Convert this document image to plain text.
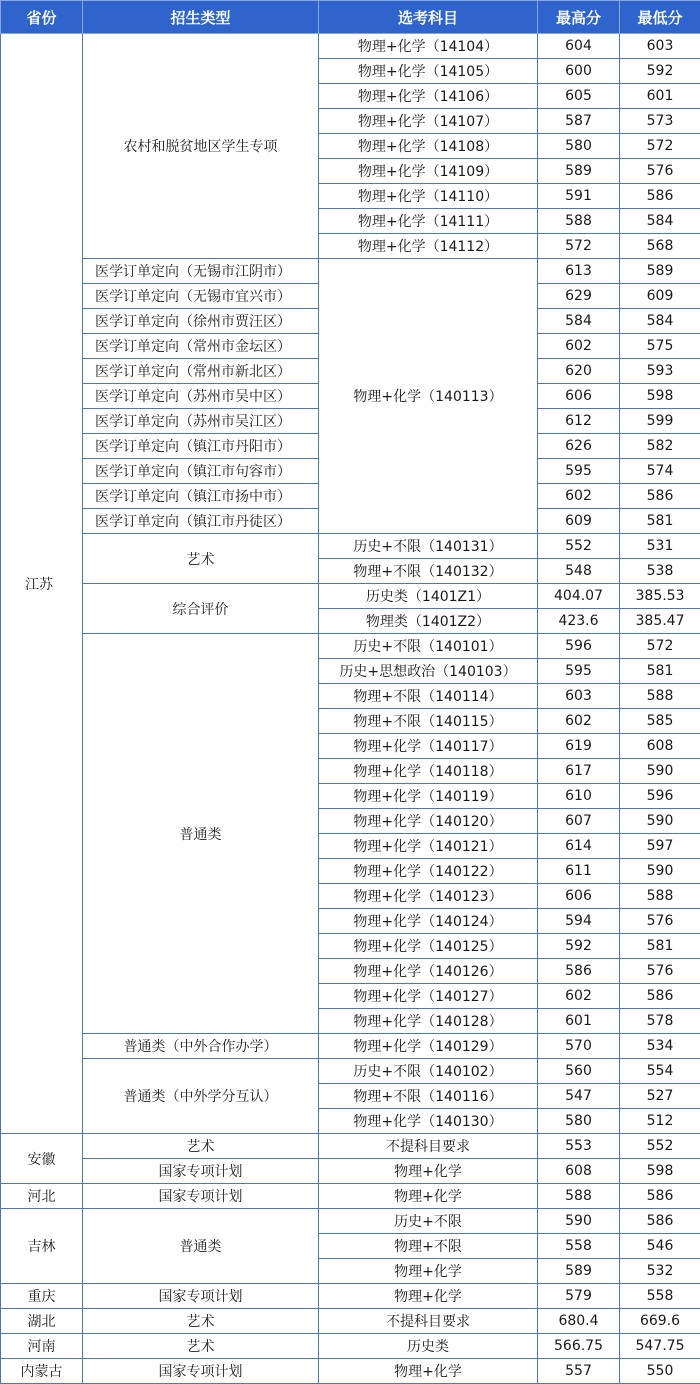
省份	招生类型	选考科目	最高分	最低分
江苏	农村和脱贫地区学生专项	物理+化学（14104）	604	603
		物理+化学（14105）	600	592
		物理+化学（14106）	605	601
		物理+化学（14107）	587	573
		物理+化学（14108）	580	572
		物理+化学（14109）	589	576
		物理+化学（14110）	591	586
		物理+化学（14111）	588	584
		物理+化学（14112）	572	568
	医学订单定向（无锡市江阴市）	物理+化学（140113）	613	589
	医学订单定向（无锡市宜兴市）		629	609
	医学订单定向（徐州市贾汪区）		584	584
	医学订单定向（常州市金坛区）		602	575
	医学订单定向（常州市新北区）		620	593
	医学订单定向（苏州市吴中区）		606	598
	医学订单定向（苏州市吴江区）		612	599
	医学订单定向（镇江市丹阳市）		626	582
	医学订单定向（镇江市句容市）		595	574
	医学订单定向（镇江市扬中市）		602	586
	医学订单定向（镇江市丹徒区）		609	581
	艺术	历史+不限（140131）	552	531
		物理+不限（140132）	548	538
	综合评价	历史类（1401Z1）	404.07	385.53
		物理类（1401Z2）	423.6	385.47
	普通类	历史+不限（140101）	596	572
		历史+思想政治（140103）	595	581
		物理+不限（140114）	603	588
		物理+不限（140115）	602	585
		物理+化学（140117）	619	608
		物理+化学（140118）	617	590
		物理+化学（140119）	610	596
		物理+化学（140120）	607	590
		物理+化学（140121）	614	597
		物理+化学（140122）	611	590
		物理+化学（140123）	606	588
		物理+化学（140124）	594	576
		物理+化学（140125）	592	581
		物理+化学（140126）	586	576
		物理+化学（140127）	602	586
		物理+化学（140128）	601	578
	普通类（中外合作办学）	物理+化学（140129）	570	534
	普通类（中外学分互认）	历史+不限（140102）	560	554
		物理+不限（140116）	547	527
		物理+化学（140130）	580	512
安徽	艺术	不提科目要求	553	552
	国家专项计划	物理+化学	608	598
河北	国家专项计划	物理+化学	588	586
吉林	普通类	历史+不限	590	586
		物理+不限	558	546
		物理+化学	589	532
重庆	国家专项计划	物理+化学	579	558
湖北	艺术	不提科目要求	680.4	669.6
河南	艺术	历史类	566.75	547.75
内蒙古	国家专项计划	物理+化学	557	550
